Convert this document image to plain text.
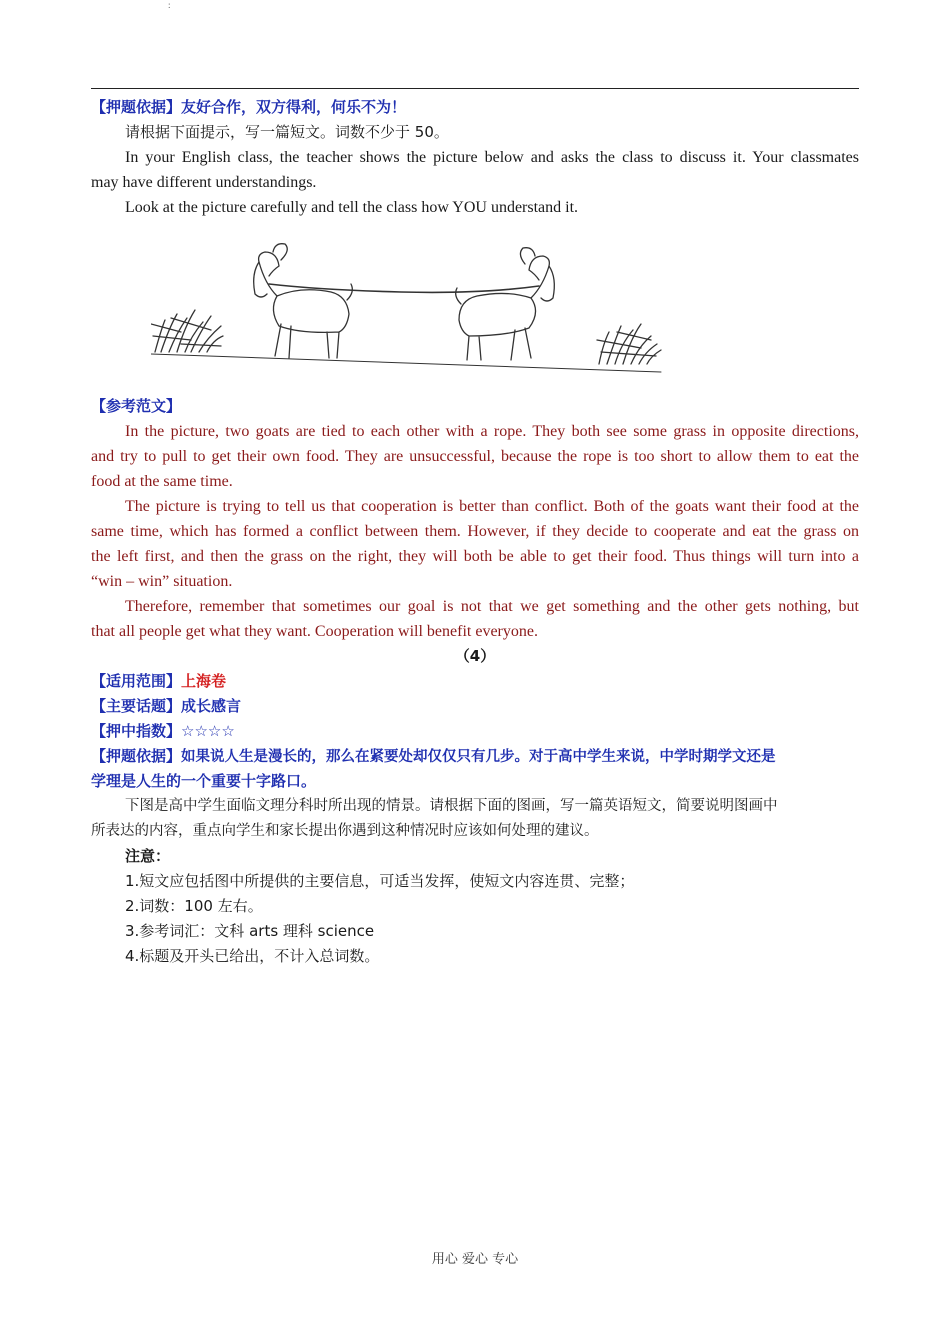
:
【押题依据】友好合作，双方得利，何乐不为！
请根据下面提示，写一篇短文。词数不少于 50。
In your English class, the teacher shows the picture below and asks the class to discuss it. Your classmates
may have different understandings.
Look at the picture carefully and tell the class how YOU understand it.
【参考范文】
In the picture, two goats are tied to each other with a rope. They both see some grass in opposite directions,
and try to pull to get their own food. They are unsuccessful, because the rope is too short to allow them to eat the
food at the same time.
The picture is trying to tell us that cooperation is better than conflict. Both of the goats want their food at the
same time, which has formed a conflict between them. However, if they decide to cooperate and eat the grass on
the left first, and then the grass on the right, they will both be able to get their food. Thus things will turn into a
“win – win” situation.
Therefore, remember that sometimes our goal is not that we get something and the other gets nothing, but
that all people get what they want. Cooperation will benefit everyone.
（4）
【适用范围】上海卷
【主要话题】成长感言
【押中指数】☆☆☆☆
【押题依据】如果说人生是漫长的，那么在紧要处却仅仅只有几步。对于高中学生来说，中学时期学文还是
学理是人生的一个重要十字路口。
下图是高中学生面临文理分科时所出现的情景。请根据下面的图画，写一篇英语短文，简要说明图画中
所表达的内容，重点向学生和家长提出你遇到这种情况时应该如何处理的建议。
注意：
1.短文应包括图中所提供的主要信息，可适当发挥，使短文内容连贯、完整；
2.词数：100 左右。
3.参考词汇：文科 arts 理科 science
4.标题及开头已给出，不计入总词数。
用心 爱心 专心
